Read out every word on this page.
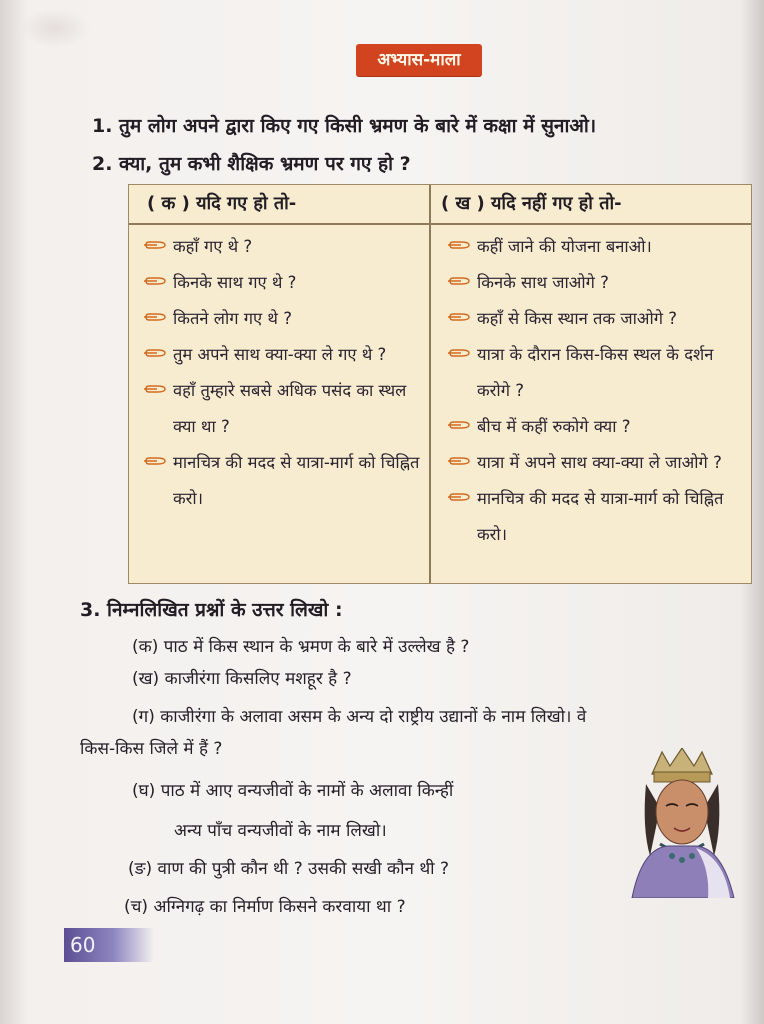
अभ्यास-माला
1. तुम लोग अपने द्वारा किए गए किसी भ्रमण के बारे में कक्षा में सुनाओ।
2. क्या, तुम कभी शैक्षिक भ्रमण पर गए हो ?
( क ) यदि गए हो तो-	( ख ) यदि नहीं गए हो तो-
कहाँ गए थे ?
किनके साथ गए थे ?
कितने लोग गए थे ?
तुम अपने साथ क्या-क्या ले गए थे ?
वहाँ तुम्हारे सबसे अधिक पसंद का स्थल क्या था ?
मानचित्र की मदद से यात्रा-मार्ग को चिह्नित करो।
कहीं जाने की योजना बनाओ।
किनके साथ जाओगे ?
कहाँ से किस स्थान तक जाओगे ?
यात्रा के दौरान किस-किस स्थल के दर्शन करोगे ?
बीच में कहीं रुकोगे क्या ?
यात्रा में अपने साथ क्या-क्या ले जाओगे ?
मानचित्र की मदद से यात्रा-मार्ग को चिह्नित करो।
3. निम्नलिखित प्रश्नों के उत्तर लिखो :
(क) पाठ में किस स्थान के भ्रमण के बारे में उल्लेख है ?
(ख) काजीरंगा किसलिए मशहूर है ?
(ग) काजीरंगा के अलावा असम के अन्य दो राष्ट्रीय उद्यानों के नाम लिखो। वे
किस-किस जिले में हैं ?
(घ) पाठ में आए वन्यजीवों के नामों के अलावा किन्हीं
अन्य पाँच वन्यजीवों के नाम लिखो।
(ङ) वाण की पुत्री कौन थी ? उसकी सखी कौन थी ?
(च) अग्निगढ़ का निर्माण किसने करवाया था ?
60
